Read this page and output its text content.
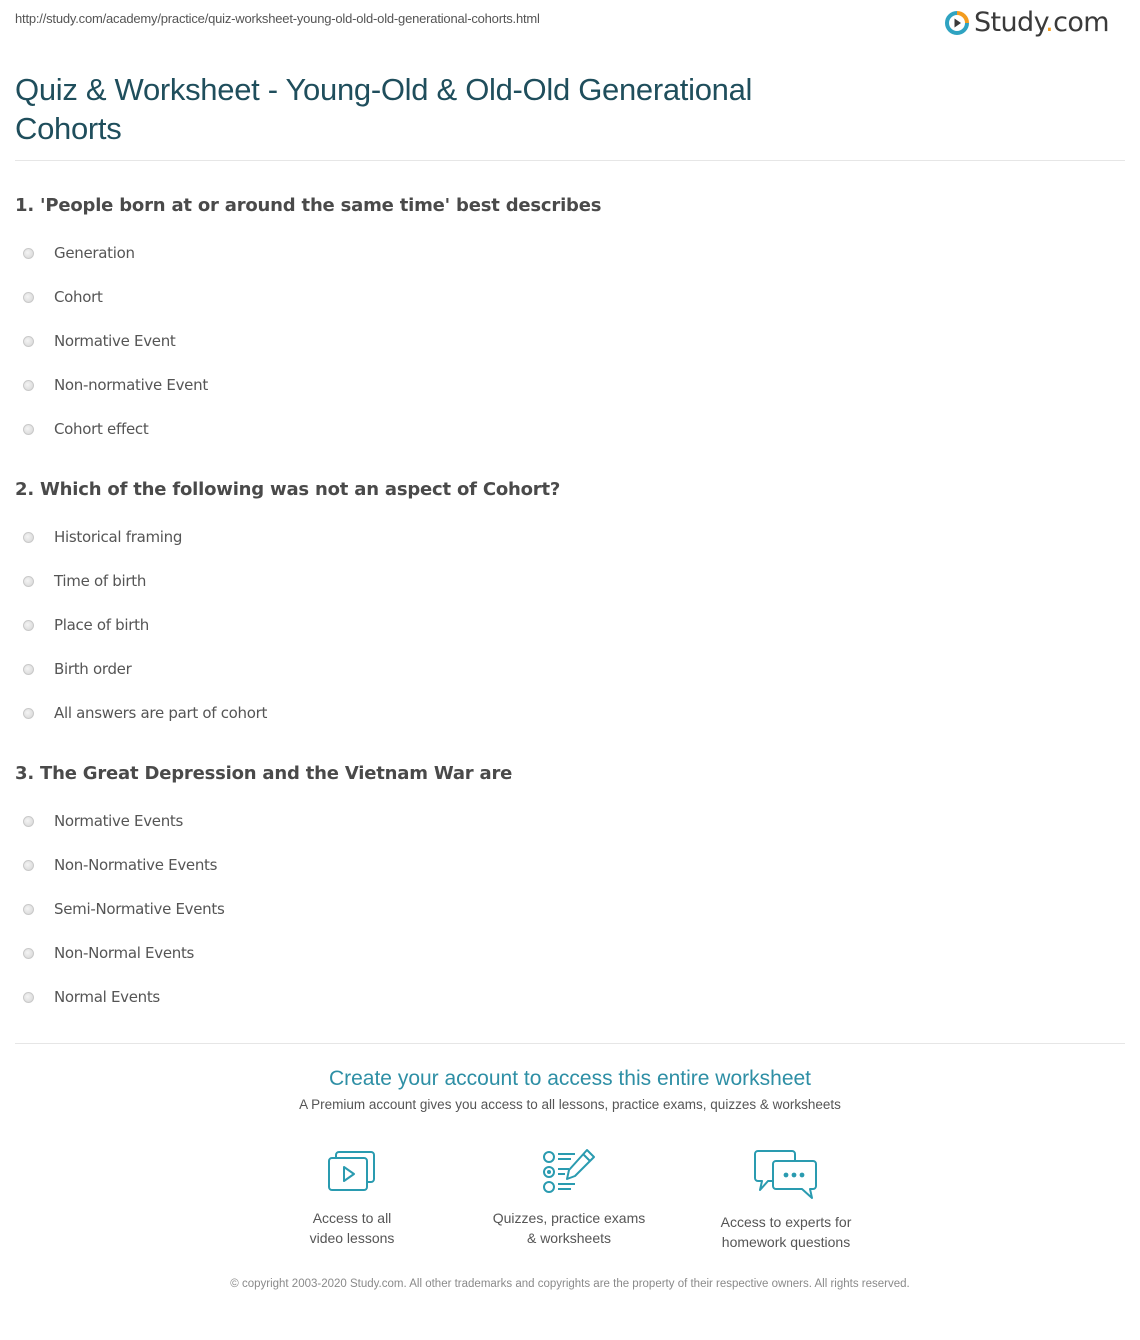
http://study.com/academy/practice/quiz-worksheet-young-old-old-old-generational-cohorts.html	Study.com
Quiz & Worksheet - Young-Old & Old-Old Generational Cohorts
1. 'People born at or around the same time' best describes
Generation
Cohort
Normative Event
Non-normative Event
Cohort effect
2. Which of the following was not an aspect of Cohort?
Historical framing
Time of birth
Place of birth
Birth order
All answers are part of cohort
3. The Great Depression and the Vietnam War are
Normative Events
Non-Normative Events
Semi-Normative Events
Non-Normal Events
Normal Events
Create your account to access this entire worksheet
A Premium account gives you access to all lessons, practice exams, quizzes & worksheets
Access to all
video lessons
Quizzes, practice exams
& worksheets
Access to experts for
homework questions
© copyright 2003-2020 Study.com. All other trademarks and copyrights are the property of their respective owners. All rights reserved.
